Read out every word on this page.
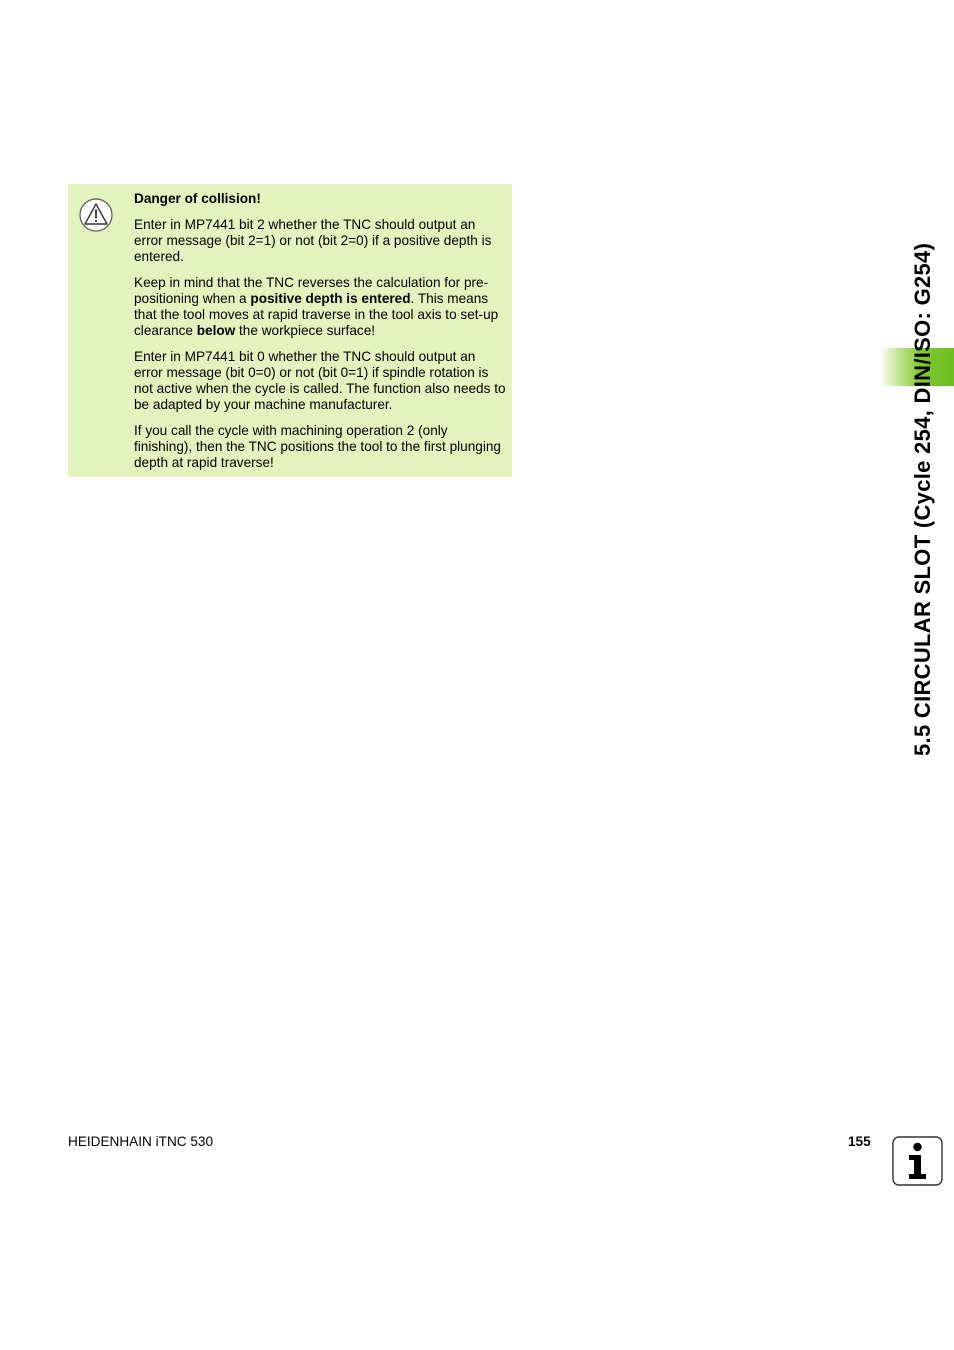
Danger of collision!

Enter in MP7441 bit 2 whether the TNC should output an error message (bit 2=1) or not (bit 2=0) if a positive depth is entered.

Keep in mind that the TNC reverses the calculation for pre-positioning when a positive depth is entered. This means that the tool moves at rapid traverse in the tool axis to set-up clearance below the workpiece surface!

Enter in MP7441 bit 0 whether the TNC should output an error message (bit 0=0) or not (bit 0=1) if spindle rotation is not active when the cycle is called. The function also needs to be adapted by your machine manufacturer.

If you call the cycle with machining operation 2 (only finishing), then the TNC positions the tool to the first plunging depth at rapid traverse!	5.5 CIRCULAR SLOT (Cycle 254, DIN/ISO: G254)
HEIDENHAIN iTNC 530	155
